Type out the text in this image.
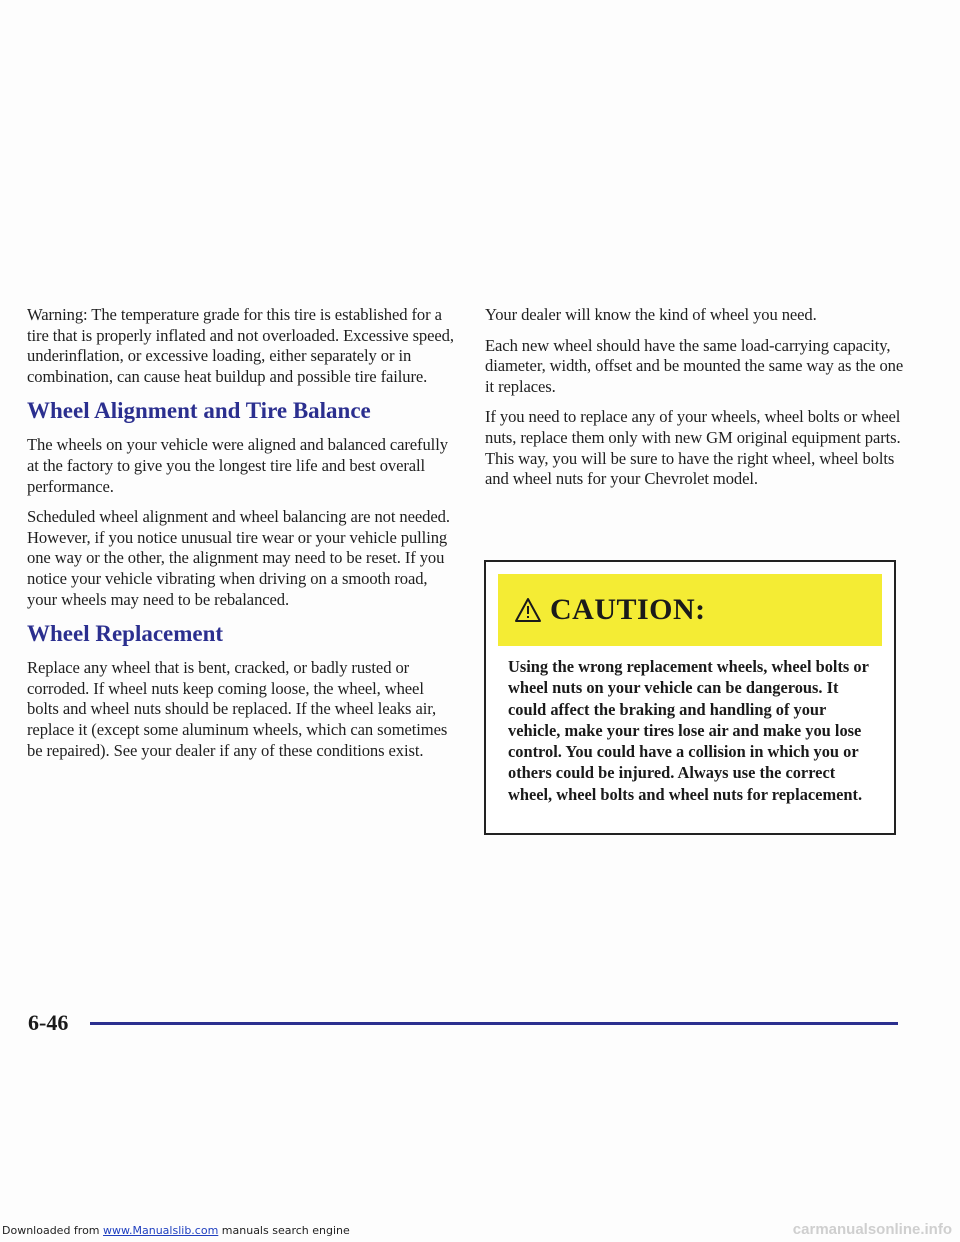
Warning: The temperature grade for this tire is established for a tire that is properly inflated and not overloaded. Excessive speed, underinflation, or excessive loading, either separately or in combination, can cause heat buildup and possible tire failure.

Wheel Alignment and Tire Balance

The wheels on your vehicle were aligned and balanced carefully at the factory to give you the longest tire life and best overall performance.

Scheduled wheel alignment and wheel balancing are not needed. However, if you notice unusual tire wear or your vehicle pulling one way or the other, the alignment may need to be reset. If you notice your vehicle vibrating when driving on a smooth road, your wheels may need to be rebalanced.

Wheel Replacement

Replace any wheel that is bent, cracked, or badly rusted or corroded. If wheel nuts keep coming loose, the wheel, wheel bolts and wheel nuts should be replaced. If the wheel leaks air, replace it (except some aluminum wheels, which can sometimes be repaired). See your dealer if any of these conditions exist.

Your dealer will know the kind of wheel you need.

Each new wheel should have the same load-carrying capacity, diameter, width, offset and be mounted the same way as the one it replaces.

If you need to replace any of your wheels, wheel bolts or wheel nuts, replace them only with new GM original equipment parts. This way, you will be sure to have the right wheel, wheel bolts and wheel nuts for your Chevrolet model.

CAUTION:
Using the wrong replacement wheels, wheel bolts or wheel nuts on your vehicle can be dangerous. It could affect the braking and handling of your vehicle, make your tires lose air and make you lose control. You could have a collision in which you or others could be injured. Always use the correct wheel, wheel bolts and wheel nuts for replacement.
6-46
Downloaded from www.Manualslib.com manuals search engine	carmanualsonline.info
